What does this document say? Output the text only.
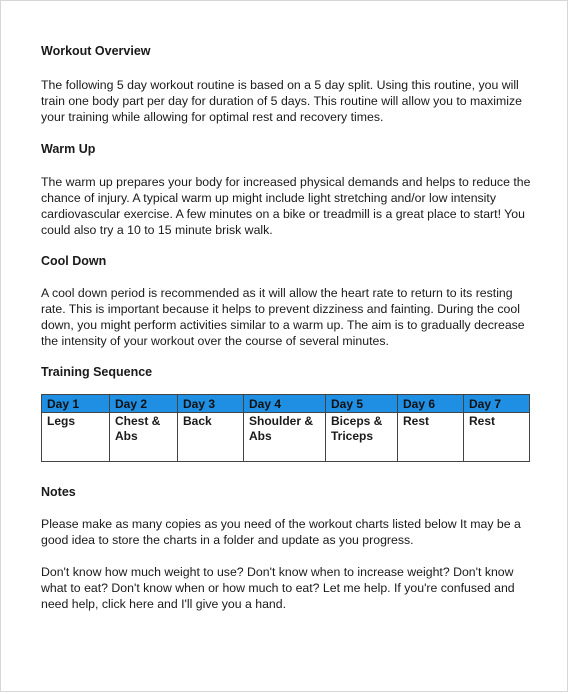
Workout Overview

The following 5 day workout routine is based on a 5 day split. Using this routine, you will train one body part per day for duration of 5 days. This routine will allow you to maximize your training while allowing for optimal rest and recovery times.

Warm Up

The warm up prepares your body for increased physical demands and helps to reduce the chance of injury. A typical warm up might include light stretching and/or low intensity cardiovascular exercise. A few minutes on a bike or treadmill is a great place to start! You could also try a 10 to 15 minute brisk walk.

Cool Down

A cool down period is recommended as it will allow the heart rate to return to its resting rate. This is important because it helps to prevent dizziness and fainting. During the cool down, you might perform activities similar to a warm up. The aim is to gradually decrease the intensity of your workout over the course of several minutes.

Training Sequence
Day 1	Day 2	Day 3	Day 4	Day 5	Day 6	Day 7
Legs	Chest & Abs	Back	Shoulder & Abs	Biceps & Triceps	Rest	Rest
Notes

Please make as many copies as you need of the workout charts listed below It may be a good idea to store the charts in a folder and update as you progress.

Don't know how much weight to use? Don't know when to increase weight? Don't know what to eat? Don't know when or how much to eat? Let me help. If you're confused and need help, click here and I'll give you a hand.
